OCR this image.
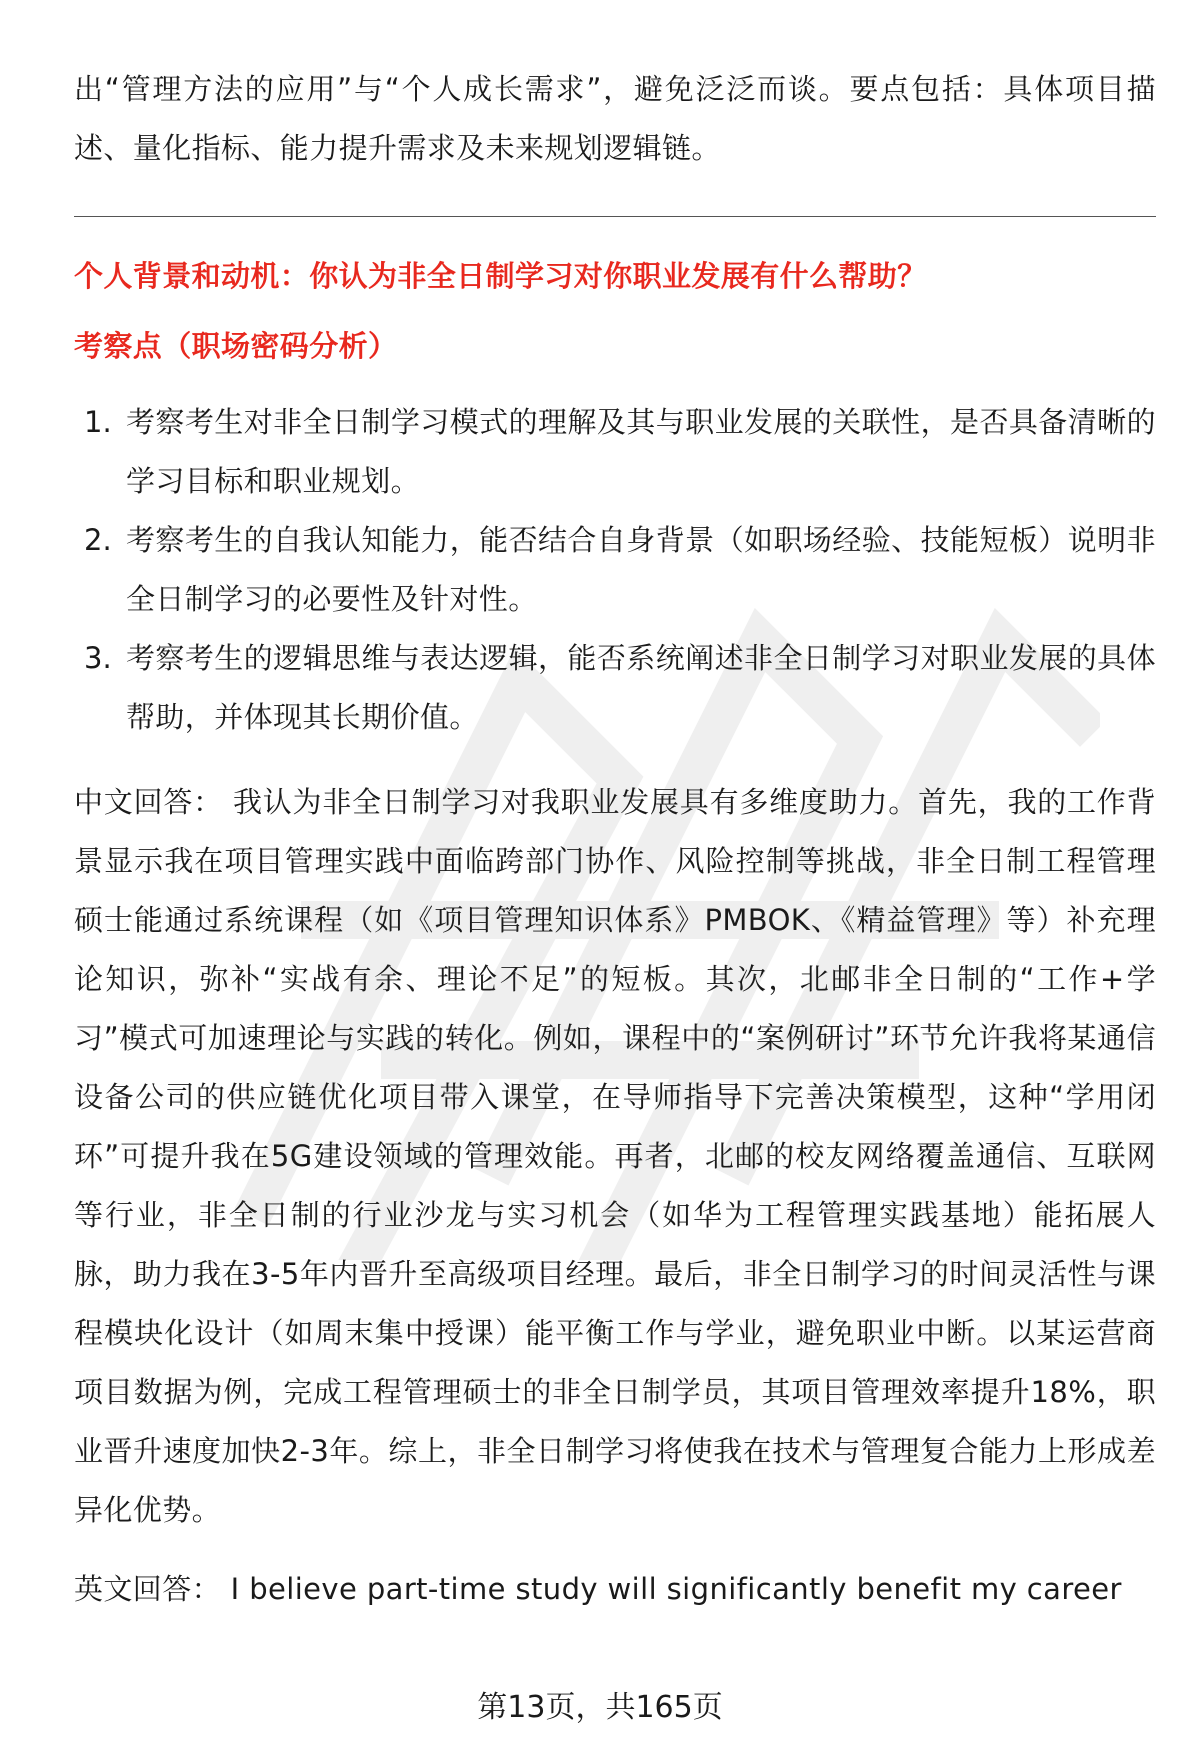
出“管理方法的应用”与“个人成长需求”，避免泛泛而谈。要点包括：具体项目描述、量化指标、能力提升需求及未来规划逻辑链。

个人背景和动机：你认为非全日制学习对你职业发展有什么帮助？

考察点（职场密码分析）

1. 考察考生对非全日制学习模式的理解及其与职业发展的关联性，是否具备清晰的学习目标和职业规划。

2. 考察考生的自我认知能力，能否结合自身背景（如职场经验、技能短板）说明非全日制学习的必要性及针对性。

3. 考察考生的逻辑思维与表达逻辑，能否系统阐述非全日制学习对职业发展的具体帮助，并体现其长期价值。

中文回答： 我认为非全日制学习对我职业发展具有多维度助力。首先，我的工作背景显示我在项目管理实践中面临跨部门协作、风险控制等挑战，非全日制工程管理硕士能通过系统课程（如《项目管理知识体系》PMBOK、《精益管理》等）补充理论知识，弥补“实战有余、理论不足”的短板。其次，北邮非全日制的“工作+学习”模式可加速理论与实践的转化。例如，课程中的“案例研讨”环节允许我将某通信设备公司的供应链优化项目带入课堂，在导师指导下完善决策模型，这种“学用闭环”可提升我在5G建设领域的管理效能。再者，北邮的校友网络覆盖通信、互联网等行业，非全日制的行业沙龙与实习机会（如华为工程管理实践基地）能拓展人脉，助力我在3-5年内晋升至高级项目经理。最后，非全日制学习的时间灵活性与课程模块化设计（如周末集中授课）能平衡工作与学业，避免职业中断。以某运营商项目数据为例，完成工程管理硕士的非全日制学员，其项目管理效率提升18%，职业晋升速度加快2-3年。综上，非全日制学习将使我在技术与管理复合能力上形成差异化优势。

英文回答： I believe part-time study will significantly benefit my career

第13页，共165页
